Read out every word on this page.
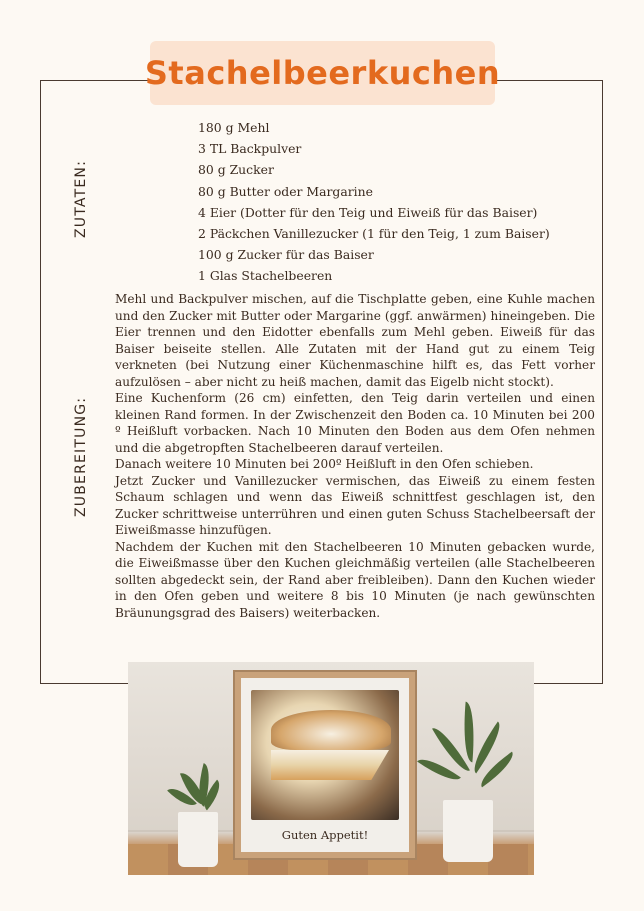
Stachelbeerkuchen
ZUTATEN:
ZUBEREITUNG:
180 g Mehl
3 TL Backpulver
80 g Zucker
80 g Butter oder Margarine
4 Eier (Dotter für den Teig und Eiweiß für das Baiser)
2 Päckchen Vanillezucker (1 für den Teig, 1 zum Baiser)
100 g Zucker für das Baiser
1 Glas Stachelbeeren

Mehl und Backpulver mischen, auf die Tischplatte geben, eine Kuhle machen und den Zucker mit Butter oder Margarine (ggf. anwärmen) hineingeben. Die Eier trennen und den Eidotter ebenfalls zum Mehl geben. Eiweiß für das Baiser beiseite stellen. Alle Zutaten mit der Hand gut zu einem Teig verkneten (bei Nutzung einer Küchenmaschine hilft es, das Fett vorher aufzulösen – aber nicht zu heiß machen, damit das Eigelb nicht stockt).

Eine Kuchenform (26 cm) einfetten, den Teig darin verteilen und einen kleinen Rand formen. In der Zwischenzeit den Boden ca. 10 Minuten bei 200 º Heißluft vorbacken. Nach 10 Minuten den Boden aus dem Ofen nehmen und die abgetropften Stachelbeeren darauf verteilen.

Danach weitere 10 Minuten bei 200º Heißluft in den Ofen schieben.

Jetzt Zucker und Vanillezucker vermischen, das Eiweiß zu einem festen Schaum schlagen und wenn das Eiweiß schnittfest geschlagen ist, den Zucker schrittweise unterrühren und einen guten Schuss Stachelbeersaft der Eiweißmasse hinzufügen.

Nachdem der Kuchen mit den Stachelbeeren 10 Minuten gebacken wurde, die Eiweißmasse über den Kuchen gleichmäßig verteilen (alle Stachelbeeren sollten abgedeckt sein, der Rand aber freibleiben). Dann den Kuchen wieder in den Ofen geben und weitere 8 bis 10 Minuten (je nach gewünschten Bräunungsgrad des Baisers) weiterbacken.

Guten Appetit!
